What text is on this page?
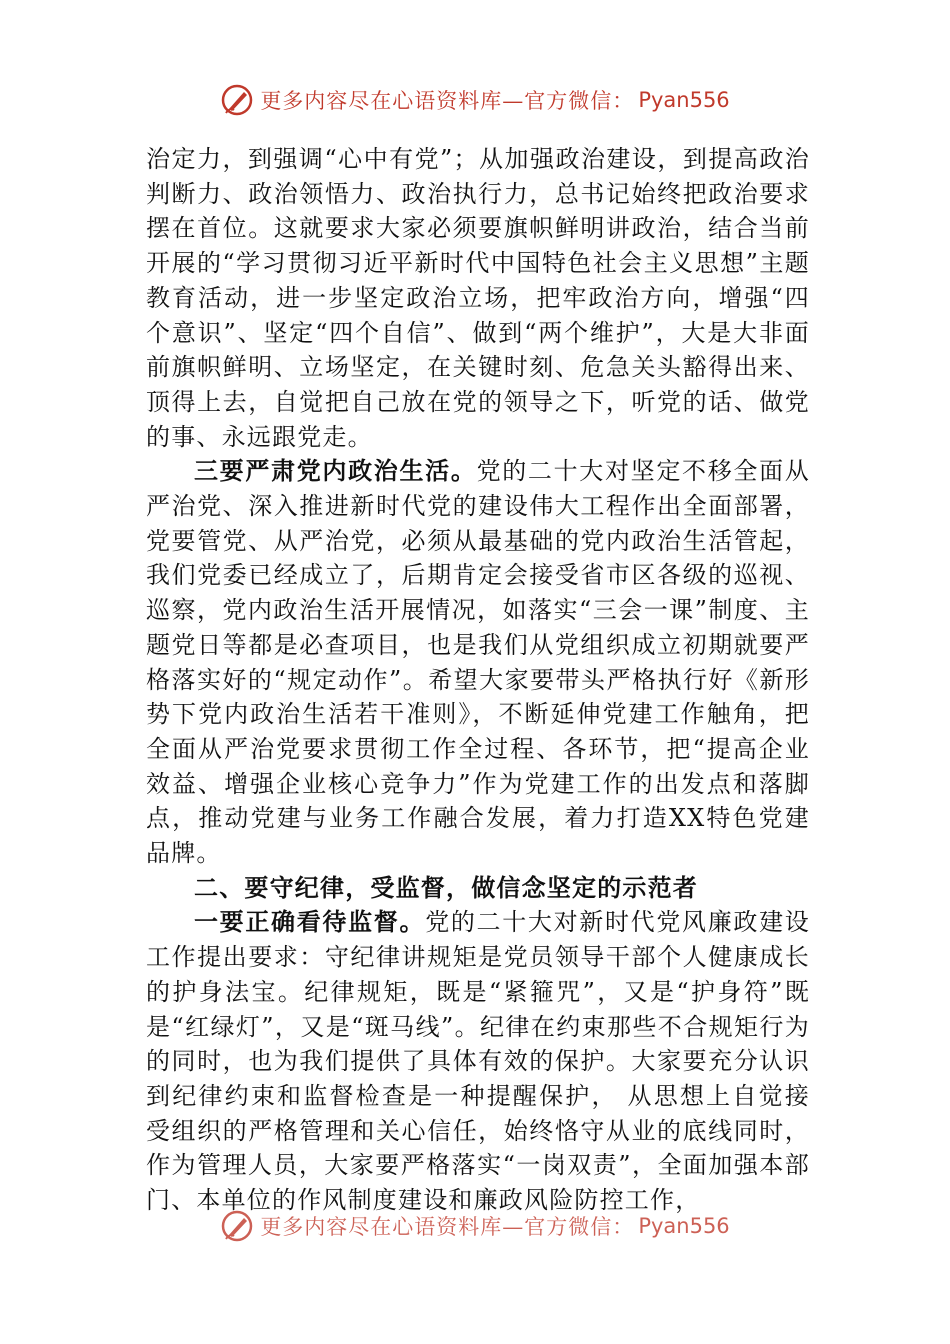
更多内容尽在心语资料库—官方微信： Pyan556

治定力，到强调“心中有党”；从加强政治建设，到提高政治判断力、政治领悟力、政治执行力，总书记始终把政治要求摆在首位。这就要求大家必须要旗帜鲜明讲政治，结合当前开展的“学习贯彻习近平新时代中国特色社会主义思想”主题教育活动，进一步坚定政治立场，把牢政治方向，增强“四个意识”、坚定“四个自信”、做到“两个维护”，大是大非面前旗帜鲜明、立场坚定，在关键时刻、危急关头豁得出来、顶得上去，自觉把自己放在党的领导之下，听党的话、做党的事、永远跟党走。

三要严肃党内政治生活。党的二十大对坚定不移全面从严治党、深入推进新时代党的建设伟大工程作出全面部署，党要管党、从严治党，必须从最基础的党内政治生活管起，我们党委已经成立了，后期肯定会接受省市区各级的巡视、巡察，党内政治生活开展情况，如落实“三会一课”制度、主题党日等都是必查项目，也是我们从党组织成立初期就要严格落实好的“规定动作”。希望大家要带头严格执行好《新形势下党内政治生活若干准则》，不断延伸党建工作触角，把全面从严治党要求贯彻工作全过程、各环节，把“提高企业效益、增强企业核心竞争力”作为党建工作的出发点和落脚点，推动党建与业务工作融合发展，着力打造XX特色党建品牌。

二、要守纪律，受监督，做信念坚定的示范者

一要正确看待监督。党的二十大对新时代党风廉政建设工作提出要求：守纪律讲规矩是党员领导干部个人健康成长的护身法宝。纪律规矩，既是“紧箍咒”，又是“护身符”既是“红绿灯”，又是“斑马线”。纪律在约束那些不合规矩行为的同时，也为我们提供了具体有效的保护。大家要充分认识到纪律约束和监督检查是一种提醒保护， 从思想上自觉接受组织的严格管理和关心信任，始终恪守从业的底线同时，作为管理人员，大家要严格落实“一岗双责”，全面加强本部门、本单位的作风制度建设和廉政风险防控工作，

更多内容尽在心语资料库—官方微信： Pyan556
